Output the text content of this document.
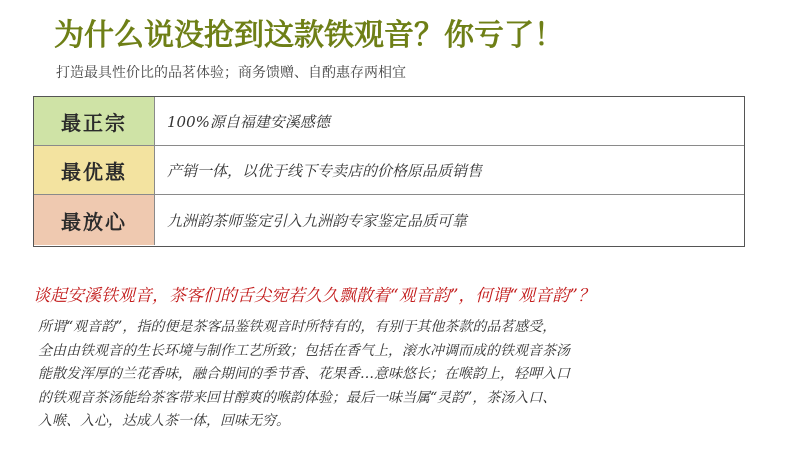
为什么说没抢到这款铁观音？你亏了！
打造最具性价比的品茗体验；商务馈赠、自酌惠存两相宜
最正宗	100%源自福建安溪感德
最优惠	产销一体，以优于线下专卖店的价格原品质销售
最放心	九洲韵茶师鉴定引入九洲韵专家鉴定品质可靠
谈起安溪铁观音，茶客们的舌尖宛若久久飘散着“观音韵”，何谓“观音韵”？
所谓“观音韵”，指的便是茶客品鉴铁观音时所特有的，有别于其他茶款的品茗感受，
全由由铁观音的生长环境与制作工艺所致；包括在香气上，滚水冲调而成的铁观音茶汤
能散发浑厚的兰花香味，融合期间的季节香、花果香…意味悠长；在喉韵上，轻呷入口
的铁观音茶汤能给茶客带来回甘醇爽的喉韵体验；最后一味当属“灵韵”，茶汤入口、
入喉、入心，达成人茶一体，回味无穷。
